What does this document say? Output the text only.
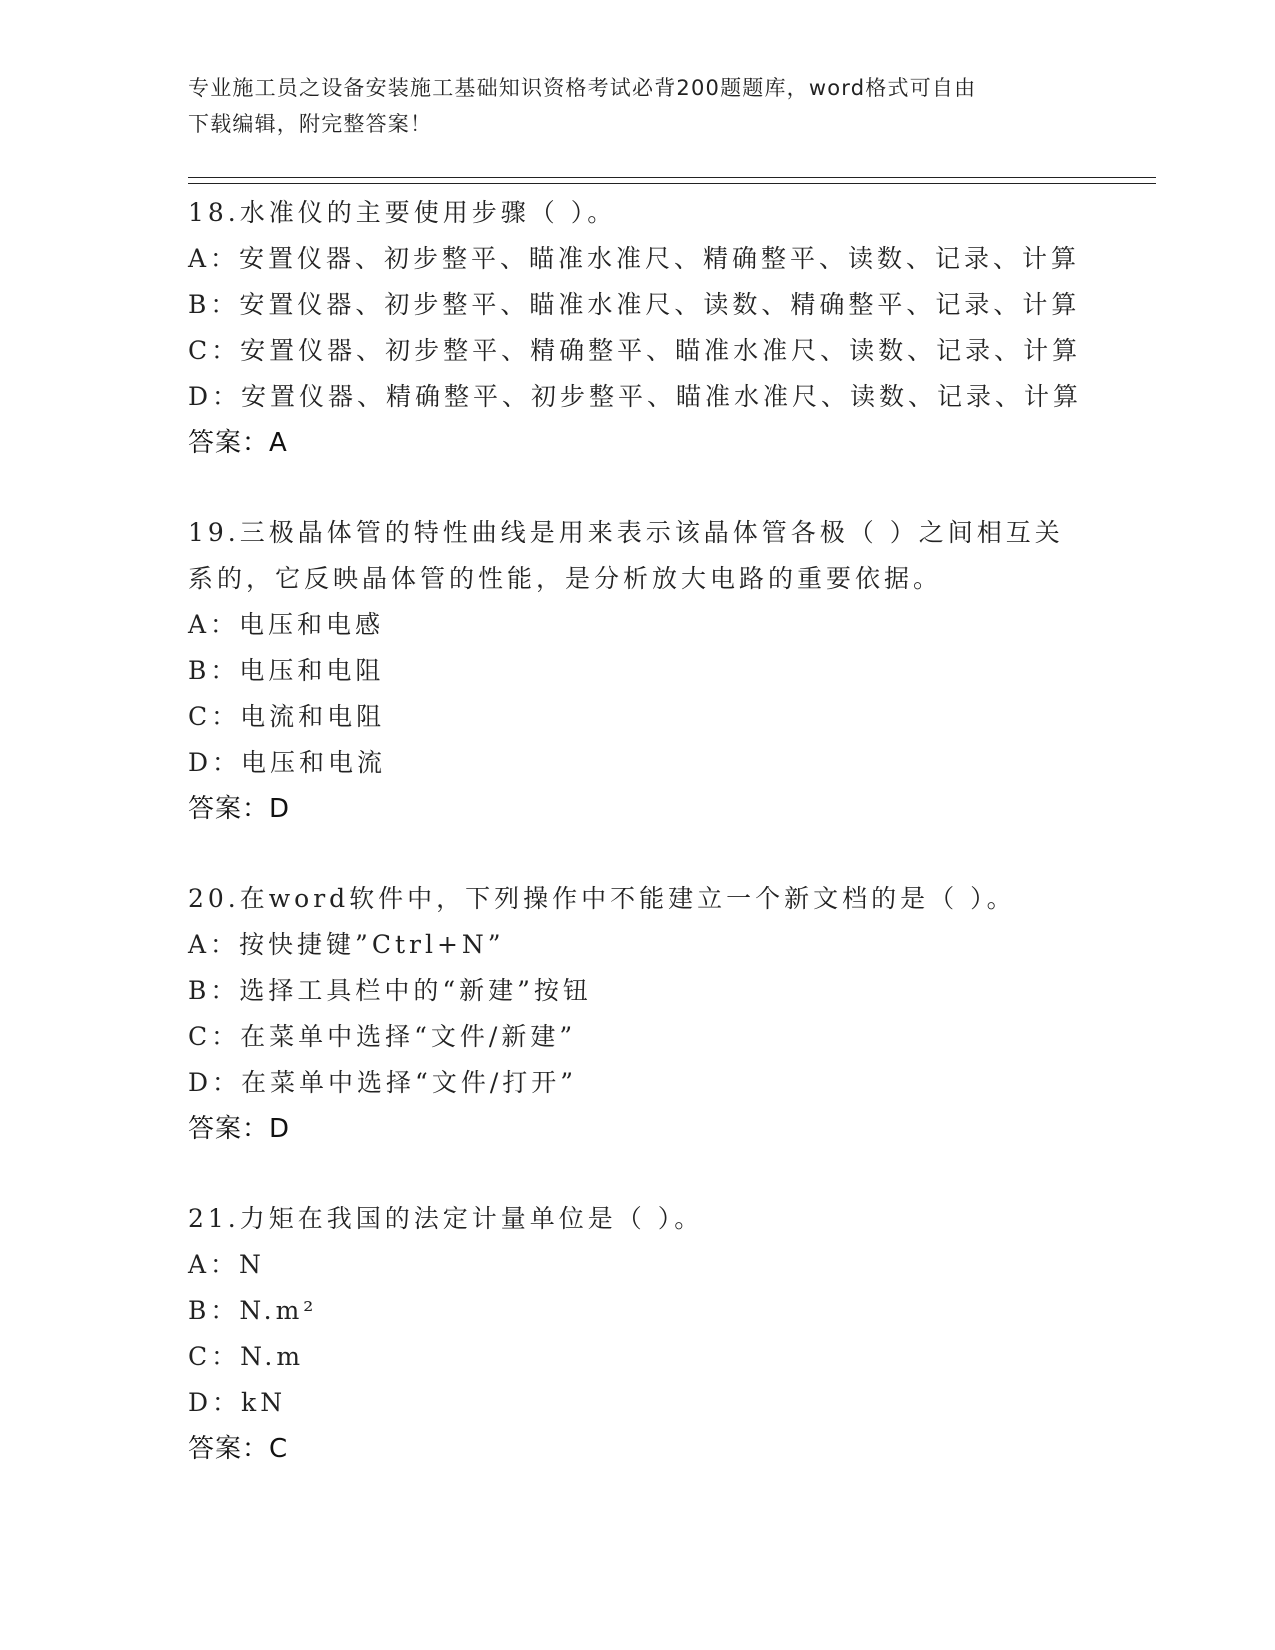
专业施工员之设备安装施工基础知识资格考试必背200题题库，word格式可自由
下载编辑，附完整答案！
18.水准仪的主要使用步骤（ ）。
A：安置仪器、初步整平、瞄准水准尺、精确整平、读数、记录、计算
B：安置仪器、初步整平、瞄准水准尺、读数、精确整平、记录、计算
C：安置仪器、初步整平、精确整平、瞄准水准尺、读数、记录、计算
D：安置仪器、精确整平、初步整平、瞄准水准尺、读数、记录、计算
答案：A
19.三极晶体管的特性曲线是用来表示该晶体管各极（ ）之间相互关
系的，它反映晶体管的性能，是分析放大电路的重要依据。
A：电压和电感
B：电压和电阻
C：电流和电阻
D：电压和电流
答案：D
20.在word软件中，下列操作中不能建立一个新文档的是（ ）。
A：按快捷键”Ctrl+N”
B：选择工具栏中的“新建”按钮
C：在菜单中选择“文件/新建”
D：在菜单中选择“文件/打开”
答案：D
21.力矩在我国的法定计量单位是（ ）。
A：N
B：N.m²
C：N.m
D：kN
答案：C
